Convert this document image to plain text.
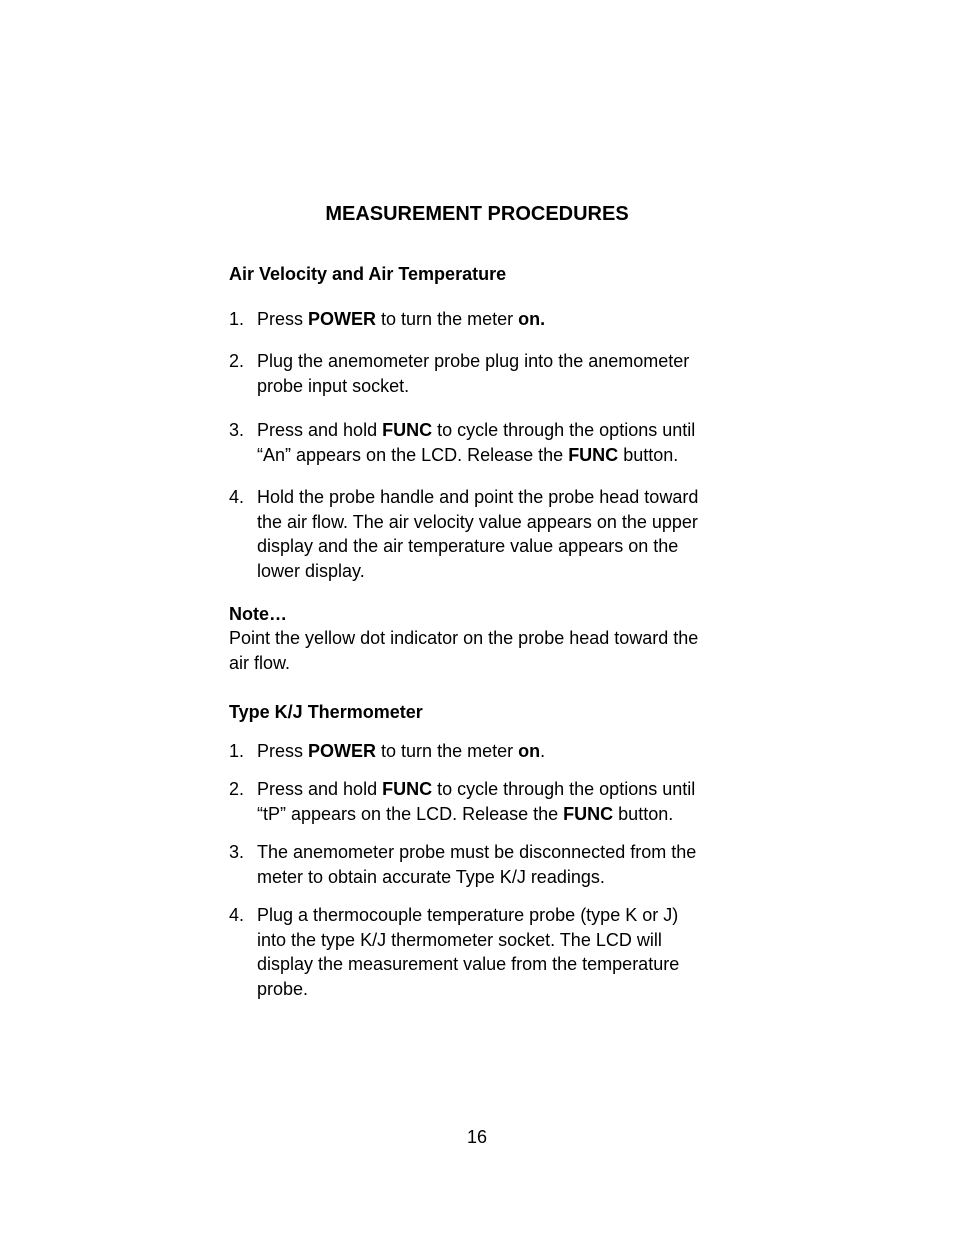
MEASUREMENT PROCEDURES
Air Velocity and Air Temperature
1. Press POWER to turn the meter on.
2. Plug the anemometer probe plug into the anemometer
probe input socket.
3. Press and hold FUNC to cycle through the options until
“An” appears on the LCD. Release the FUNC button.
4. Hold the probe handle and point the probe head toward
the air flow. The air velocity value appears on the upper
display and the air temperature value appears on the
lower display.
Note…
Point the yellow dot indicator on the probe head toward the
air flow.
Type K/J Thermometer
1. Press POWER to turn the meter on.
2. Press and hold FUNC to cycle through the options until
“tP” appears on the LCD. Release the FUNC button.
3. The anemometer probe must be disconnected from the
meter to obtain accurate Type K/J readings.
4. Plug a thermocouple temperature probe (type K or J)
into the type K/J thermometer socket. The LCD will
display the measurement value from the temperature
probe.
16
